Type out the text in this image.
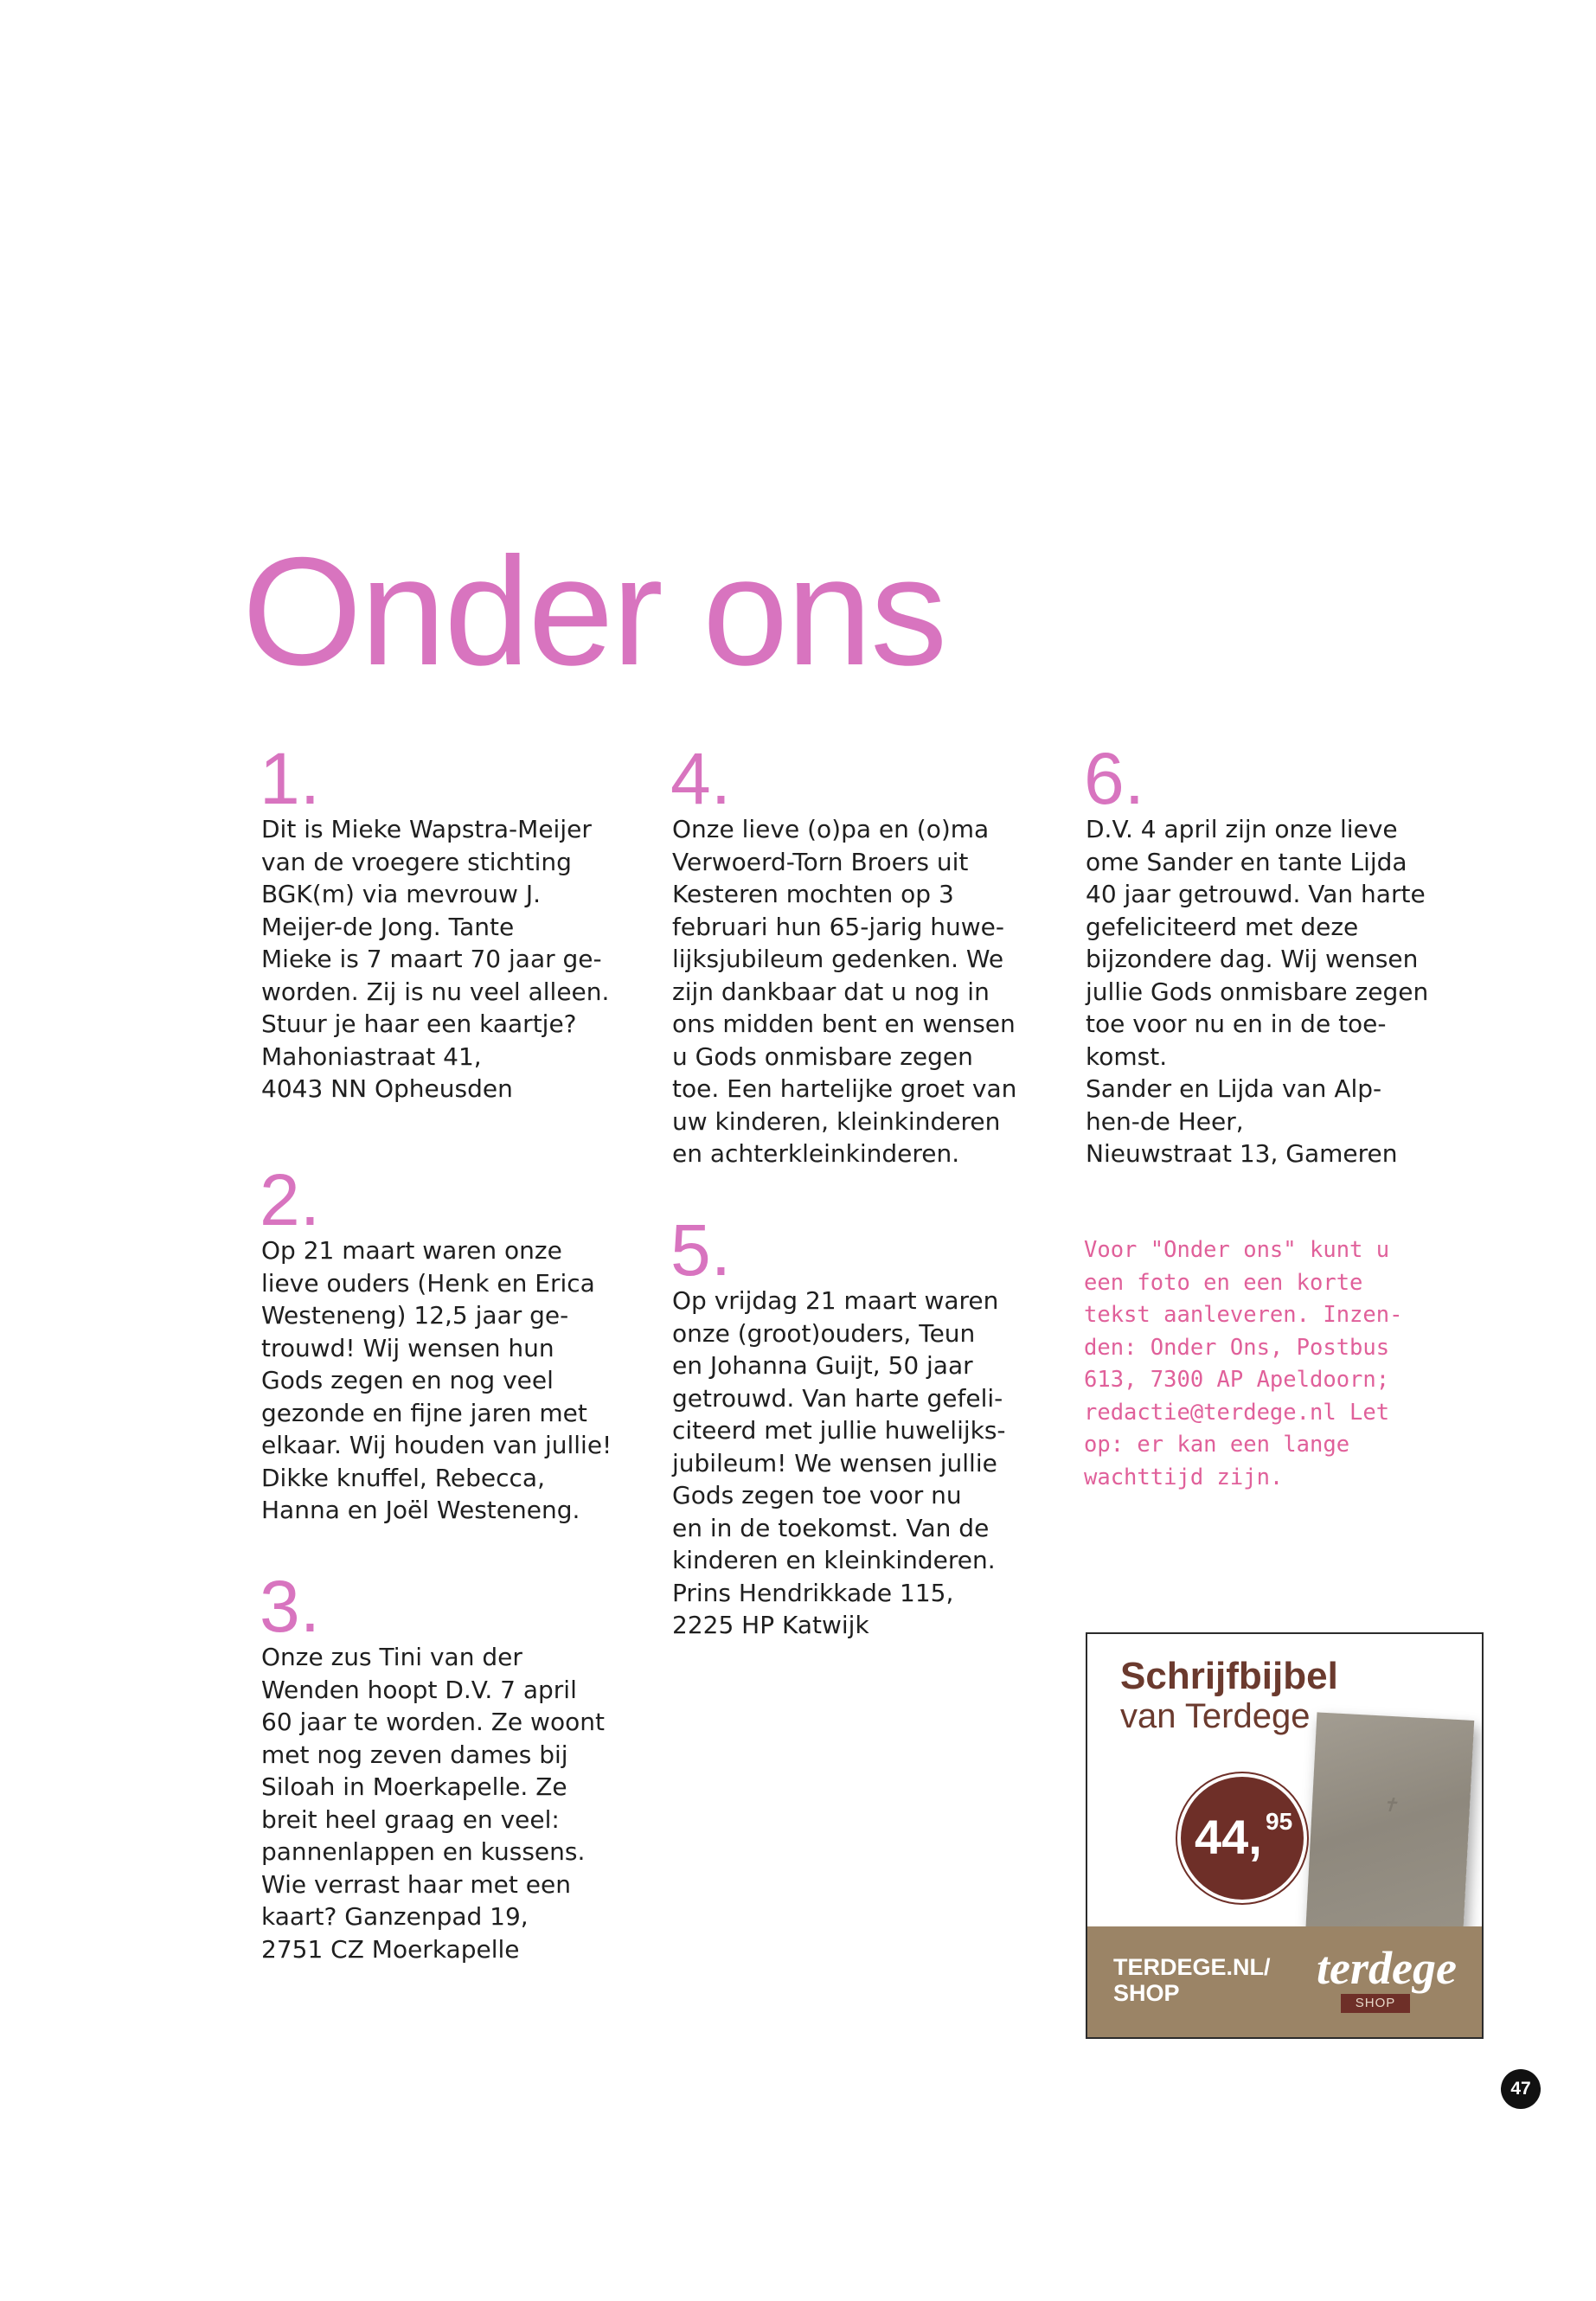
Onder ons
1.

Dit is Mieke Wapstra-Meijer
van de vroegere stichting
BGK(m) via mevrouw J.
Meijer-de Jong. Tante
Mieke is 7 maart 70 jaar ge-
worden. Zij is nu veel alleen.
Stuur je haar een kaartje?
Mahoniastraat 41,
4043 NN Opheusden

2.

Op 21 maart waren onze
lieve ouders (Henk en Erica
Westeneng) 12,5 jaar ge-
trouwd! Wij wensen hun
Gods zegen en nog veel
gezonde en fijne jaren met
elkaar. Wij houden van jullie!
Dikke knuffel, Rebecca,
Hanna en Joël Westeneng.

3.

Onze zus Tini van der
Wenden hoopt D.V. 7 april
60 jaar te worden. Ze woont
met nog zeven dames bij
Siloah in Moerkapelle. Ze
breit heel graag en veel:
pannenlappen en kussens.
Wie verrast haar met een
kaart? Ganzenpad 19,
2751 CZ Moerkapelle

4.

Onze lieve (o)pa en (o)ma
Verwoerd-Torn Broers uit
Kesteren mochten op 3
februari hun 65-jarig huwe-
lijksjubileum gedenken. We
zijn dankbaar dat u nog in
ons midden bent en wensen
u Gods onmisbare zegen
toe. Een hartelijke groet van
uw kinderen, kleinkinderen
en achterkleinkinderen.

5.

Op vrijdag 21 maart waren
onze (groot)ouders, Teun
en Johanna Guijt, 50 jaar
getrouwd. Van harte gefeli-
citeerd met jullie huwelijks-
jubileum! We wensen jullie
Gods zegen toe voor nu
en in de toekomst. Van de
kinderen en kleinkinderen.
Prins Hendrikkade 115,
2225 HP Katwijk

6.

D.V. 4 april zijn onze lieve
ome Sander en tante Lijda
40 jaar getrouwd. Van harte
gefeliciteerd met deze
bijzondere dag. Wij wensen
jullie Gods onmisbare zegen
toe voor nu en in de toe-
komst.
Sander en Lijda van Alp-
hen-de Heer,
Nieuwstraat 13, Gameren

Voor "Onder ons" kunt u
een foto en een korte
tekst aanleveren. Inzen-
den: Onder Ons, Postbus
613, 7300 AP Apeldoorn;
redactie@terdege.nl Let
op: er kan een lange
wachttijd zijn.

Schrijfbijbel

van Terdege

✝
44, 95

TERDEGE.NL/
SHOP	terdege
SHOP
47
